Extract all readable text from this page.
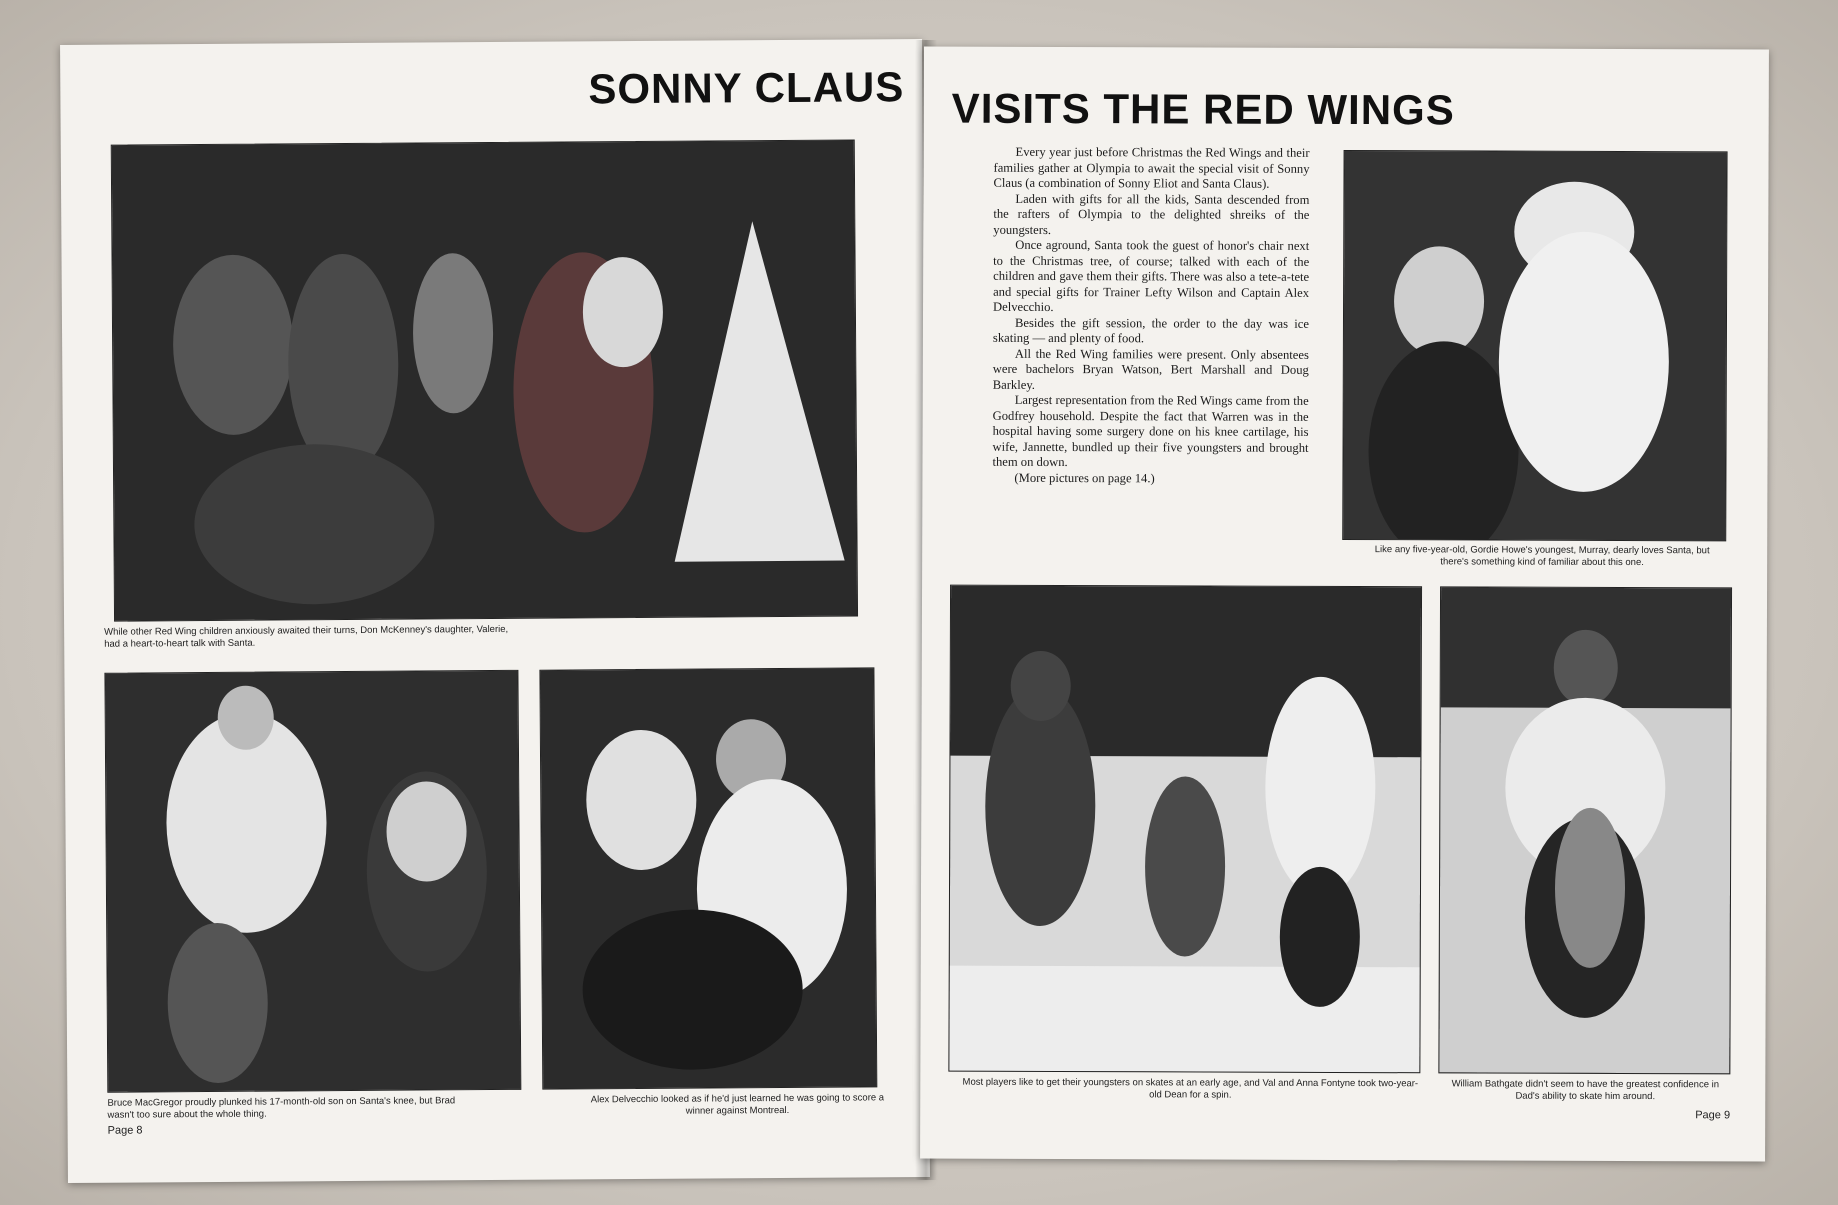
SONNY CLAUS
While other Red Wing children anxiously awaited their turns, Don McKenney's daughter, Valerie, had a heart-to-heart talk with Santa.
Bruce MacGregor proudly plunked his 17-month-old son on Santa's knee, but Brad wasn't too sure about the whole thing.
Alex Delvecchio looked as if he'd just learned he was going to score a winner against Montreal.
Page 8
VISITS THE RED WINGS

Every year just before Christmas the Red Wings and their families gather at Olympia to await the special visit of Sonny Claus (a combination of Sonny Eliot and Santa Claus).

Laden with gifts for all the kids, Santa descended from the rafters of Olympia to the delighted shreiks of the youngsters.

Once aground, Santa took the guest of honor's chair next to the Christmas tree, of course; talked with each of the children and gave them their gifts. There was also a tete-a-tete and special gifts for Trainer Lefty Wilson and Captain Alex Delvecchio.

Besides the gift session, the order to the day was ice skating — and plenty of food.

All the Red Wing families were present. Only absentees were bachelors Bryan Watson, Bert Marshall and Doug Barkley.

Largest representation from the Red Wings came from the Godfrey household. Despite the fact that Warren was in the hospital having some surgery done on his knee cartilage, his wife, Jannette, bundled up their five youngsters and brought them on down.

(More pictures on page 14.)

Like any five-year-old, Gordie Howe's youngest, Murray, dearly loves Santa, but there's something kind of familiar about this one.
Most players like to get their youngsters on skates at an early age, and Val and Anna Fontyne took two-year-old Dean for a spin.
William Bathgate didn't seem to have the greatest confidence in Dad's ability to skate him around.
Page 9
